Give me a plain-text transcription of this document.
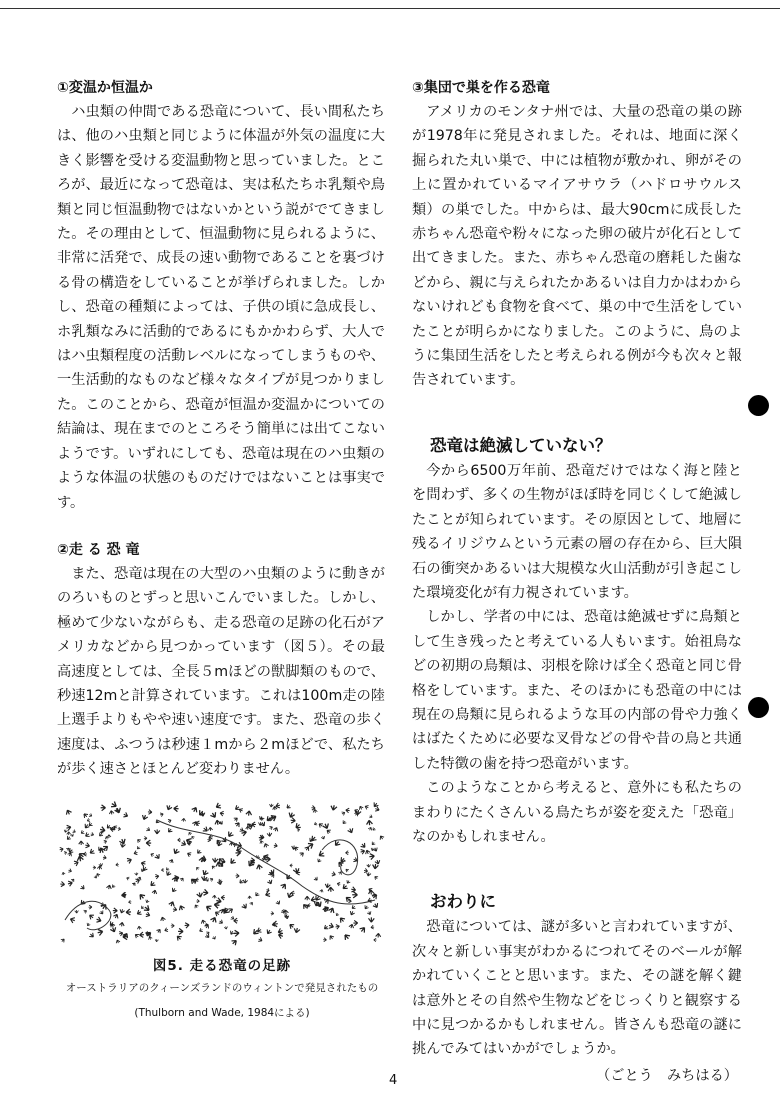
①変温か恒温か

ハ虫類の仲間である恐竜について、長い間私たちは、他のハ虫類と同じように体温が外気の温度に大きく影響を受ける変温動物と思っていました。ところが、最近になって恐竜は、実は私たちホ乳類や鳥類と同じ恒温動物ではないかという説がでてきました。その理由として、恒温動物に見られるように、非常に活発で、成長の速い動物であることを裏づける骨の構造をしていることが挙げられました。しかし、恐竜の種類によっては、子供の頃に急成長し、ホ乳類なみに活動的であるにもかかわらず、大人ではハ虫類程度の活動レベルになってしまうものや、一生活動的なものなど様々なタイプが見つかりました。このことから、恐竜が恒温か変温かについての結論は、現在までのところそう簡単には出てこないようです。いずれにしても、恐竜は現在のハ虫類のような体温の状態のものだけではないことは事実です。

②走 る 恐 竜

また、恐竜は現在の大型のハ虫類のように動きがのろいものとずっと思いこんでいました。しかし、極めて少ないながらも、走る恐竜の足跡の化石がアメリカなどから見つかっています（図５）。その最高速度としては、全長５mほどの獣脚類のもので、秒速12mと計算されています。これは100m走の陸上選手よりもやや速い速度です。また、恐竜の歩く速度は、ふつうは秒速１mから２mほどで、私たちが歩く速さとほとんど変わりません。

図5. 走る恐竜の足跡
オーストラリアのクィーンズランドのウィントンで発見されたもの
(Thulborn and Wade, 1984による)
③集団で巣を作る恐竜

アメリカのモンタナ州では、大量の恐竜の巣の跡が1978年に発見されました。それは、地面に深く掘られた丸い巣で、中には植物が敷かれ、卵がその上に置かれているマイアサウラ（ハドロサウルス類）の巣でした。中からは、最大90cmに成長した赤ちゃん恐竜や粉々になった卵の破片が化石として出てきました。また、赤ちゃん恐竜の磨耗した歯などから、親に与えられたかあるいは自力かはわからないけれども食物を食べて、巣の中で生活をしていたことが明らかになりました。このように、鳥のように集団生活をしたと考えられる例が今も次々と報告されています。

恐竜は絶滅していない？

今から6500万年前、恐竜だけではなく海と陸とを問わず、多くの生物がほぼ時を同じくして絶滅したことが知られています。その原因として、地層に残るイリジウムという元素の層の存在から、巨大隕石の衝突かあるいは大規模な火山活動が引き起こした環境変化が有力視されています。

しかし、学者の中には、恐竜は絶滅せずに鳥類として生き残ったと考えている人もいます。始祖鳥などの初期の鳥類は、羽根を除けば全く恐竜と同じ骨格をしています。また、そのほかにも恐竜の中には現在の鳥類に見られるような耳の内部の骨や力強くはばたくために必要な叉骨などの骨や昔の鳥と共通した特徴の歯を持つ恐竜がいます。

このようなことから考えると、意外にも私たちのまわりにたくさんいる鳥たちが姿を変えた「恐竜」なのかもしれません。

おわりに

恐竜については、謎が多いと言われていますが、次々と新しい事実がわかるにつれてそのベールが解かれていくことと思います。また、その謎を解く鍵は意外とその自然や生物などをじっくりと観察する中に見つかるかもしれません。皆さんも恐竜の謎に挑んでみてはいかがでしょうか。

（ごとう　みちはる）
4
